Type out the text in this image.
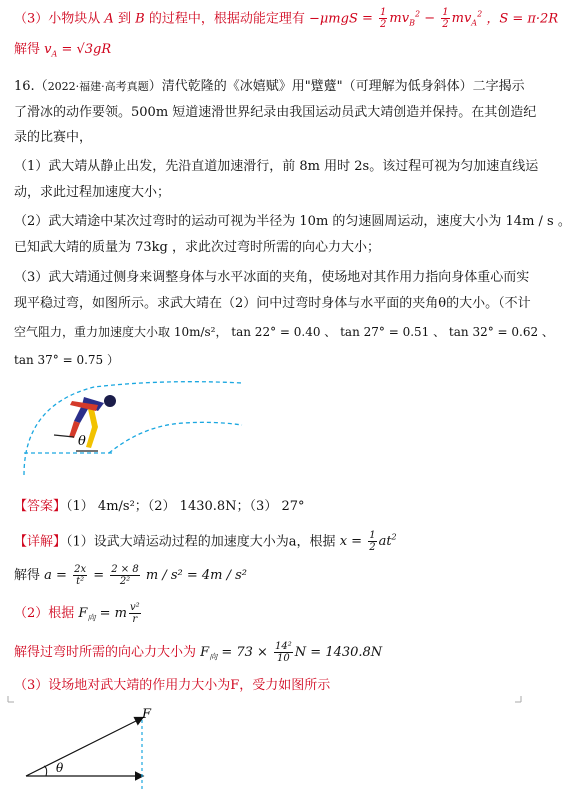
（3）小物块从 A 到 B 的过程中，根据动能定理有 $-\mu mgS = \frac{1}{2} mv_B^2 - \frac{1}{2} mv_A^2$ ，S = π·2R
解得 $v_A = √3gR$
16.（2022·福建·高考真题）清代乾隆的《冰嬉赋》用"躄躠"（可理解为低身斜体）二字揭示
了滑冰的动作要领。500m 短道速滑世界纪录由我国运动员武大靖创造并保持。在其创造纪
录的比赛中，
（1）武大靖从静止出发，先沿直道加速滑行，前 8m 用时 2s。该过程可视为匀加速直线运
动，求此过程加速度大小；
（2）武大靖途中某次过弯时的运动可视为半径为 10m 的匀速圆周运动，速度大小为 14m / s 。
已知武大靖的质量为 73kg ，求此次过弯时所需的向心力大小；
（3）武大靖通过侧身来调整身体与水平冰面的夹角，使场地对其作用力指向身体重心而实
现平稳过弯，如图所示。求武大靖在（2）问中过弯时身体与水平面的夹角θ的大小。（不计
空气阻力，重力加速度大小取 10m/s²， tan 22° = 0.40 、 tan 27° = 0.51 、 tan 32° = 0.62 、
tan 37° = 0.75 ）
θ
【答案】（1） 4m/s²；（2） 1430.8N；（3） 27°
【详解】（1）设武大靖运动过程的加速度大小为a，根据 $x = \frac{1}{2} at^2$
解得 $a = \frac{2x}{\text{t²}} = \frac{2 \times 8}{\text{2²}}$ m / s² = 4m / s²
（2）根据 $F_向 = m \frac{\text{v²}}{r}$
解得过弯时所需的向心力大小为 $F_向 = 73 \times \frac{\text{14²}}{10}$ N = 1430.8N
（3）设场地对武大靖的作用力大小为F，受力如图所示
F
θ
